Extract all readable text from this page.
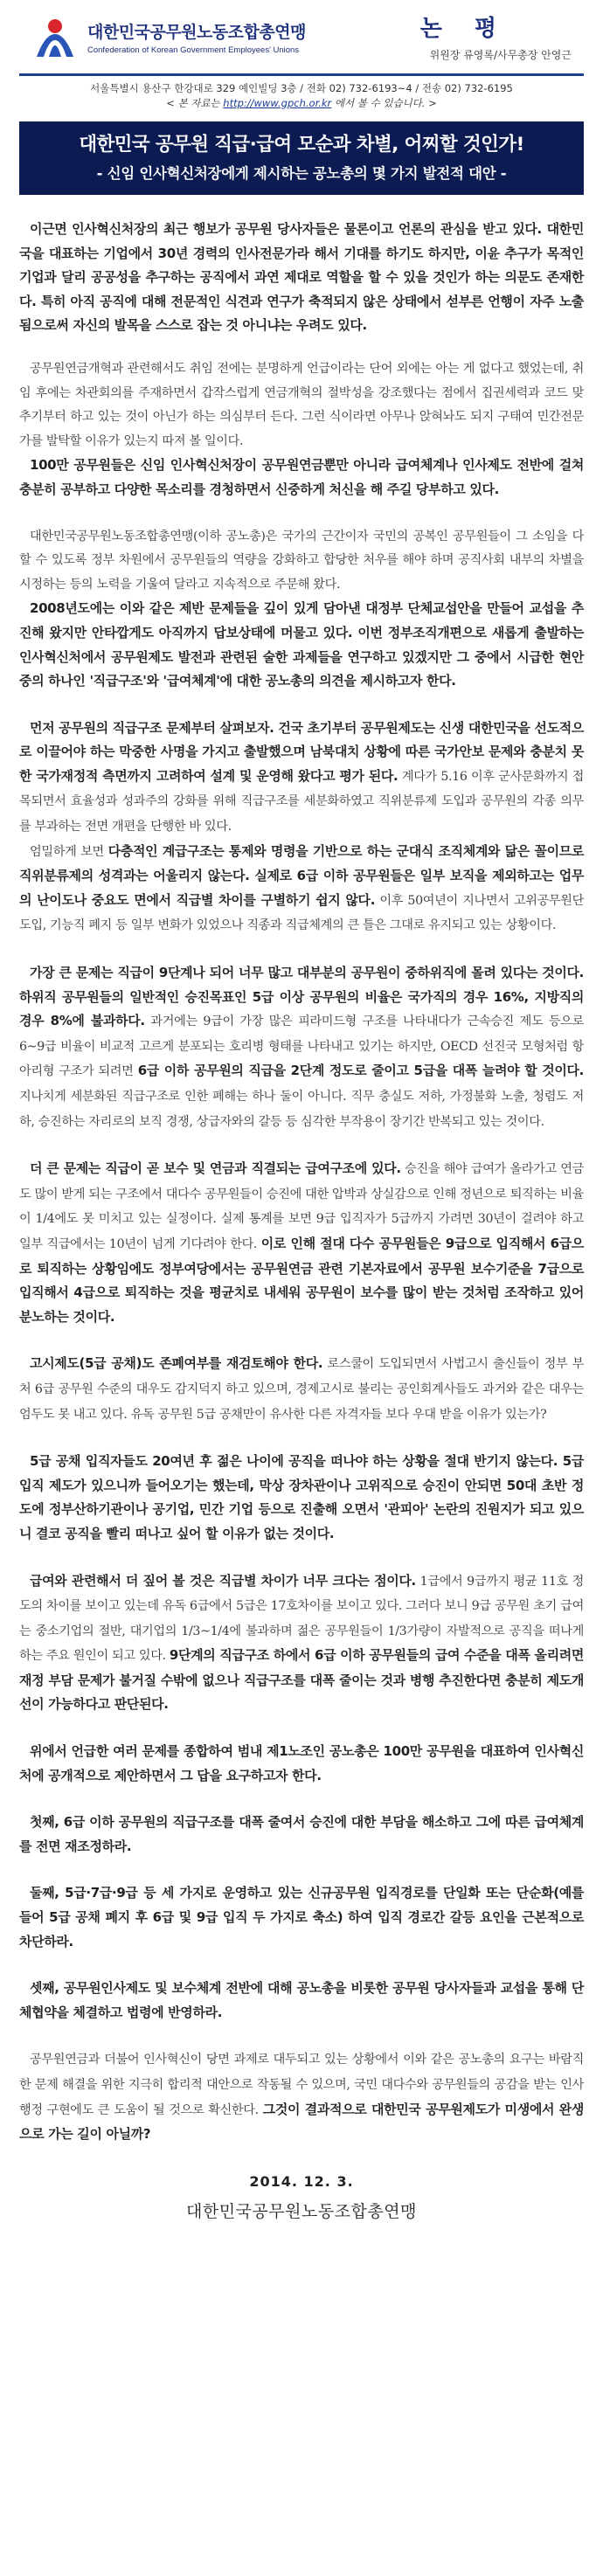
대한민국공무원노동조합총연맹
Confederation of Korean Government Employees' Unions
논 평
위원장 류영록/사무총장 안영근
서울특별시 용산구 한강대로 329 예인빌딩 3층 / 전화 02) 732-6193~4 / 전송 02) 732-6195
< 본 자료는 http://www.gpch.or.kr 에서 볼 수 있습니다. >
대한민국 공무원 직급·급여 모순과 차별, 어찌할 것인가!
- 신임 인사혁신처장에게 제시하는 공노총의 몇 가지 발전적 대안 -

이근면 인사혁신처장의 최근 행보가 공무원 당사자들은 물론이고 언론의 관심을 받고 있다. 대한민국을 대표하는 기업에서 30년 경력의 인사전문가라 해서 기대를 하기도 하지만, 이윤 추구가 목적인 기업과 달리 공공성을 추구하는 공직에서 과연 제대로 역할을 할 수 있을 것인가 하는 의문도 존재한다. 특히 아직 공직에 대해 전문적인 식견과 연구가 축적되지 않은 상태에서 섣부른 언행이 자주 노출됨으로써 자신의 발목을 스스로 잡는 것 아니냐는 우려도 있다.

공무원연금개혁과 관련해서도 취임 전에는 분명하게 언급이라는 단어 외에는 아는 게 없다고 했었는데, 취임 후에는 차관회의를 주재하면서 갑작스럽게 연금개혁의 절박성을 강조했다는 점에서 집권세력과 코드 맞추기부터 하고 있는 것이 아닌가 하는 의심부터 든다. 그런 식이라면 아무나 앉혀놔도 되지 구태여 민간전문가를 발탁할 이유가 있는지 따져 볼 일이다.

100만 공무원들은 신임 인사혁신처장이 공무원연금뿐만 아니라 급여체계나 인사제도 전반에 걸쳐 충분히 공부하고 다양한 목소리를 경청하면서 신중하게 처신을 해 주길 당부하고 있다.

대한민국공무원노동조합총연맹(이하 공노총)은 국가의 근간이자 국민의 공복인 공무원들이 그 소임을 다할 수 있도록 정부 차원에서 공무원들의 역량을 강화하고 합당한 처우를 해야 하며 공직사회 내부의 차별을 시정하는 등의 노력을 기울여 달라고 지속적으로 주문해 왔다.

2008년도에는 이와 같은 제반 문제들을 깊이 있게 담아낸 대정부 단체교섭안을 만들어 교섭을 추진해 왔지만 안타깝게도 아직까지 답보상태에 머물고 있다. 이번 정부조직개편으로 새롭게 출발하는 인사혁신처에서 공무원제도 발전과 관련된 술한 과제들을 연구하고 있겠지만 그 중에서 시급한 현안 중의 하나인 '직급구조'와 '급여체계'에 대한 공노총의 의견을 제시하고자 한다.

먼저 공무원의 직급구조 문제부터 살펴보자. 건국 초기부터 공무원제도는 신생 대한민국을 선도적으로 이끌어야 하는 막중한 사명을 가지고 출발했으며 남북대치 상황에 따른 국가안보 문제와 충분치 못한 국가재정적 측면까지 고려하여 설계 및 운영해 왔다고 평가 된다. 계다가 5.16 이후 군사문화까지 접목되면서 효율성과 성과주의 강화를 위해 직급구조를 세분화하였고 직위분류제 도입과 공무원의 각종 의무를 부과하는 전면 개편을 단행한 바 있다.

엄밀하게 보면 다층적인 계급구조는 통제와 명령을 기반으로 하는 군대식 조직체계와 닮은 꼴이므로 직위분류제의 성격과는 어울리지 않는다. 실제로 6급 이하 공무원들은 일부 보직을 제외하고는 업무의 난이도나 중요도 면에서 직급별 차이를 구별하기 쉽지 않다. 이후 50여년이 지나면서 고위공무원단 도입, 기능직 폐지 등 일부 변화가 있었으나 직종과 직급체계의 큰 틀은 그대로 유지되고 있는 상황이다.

가장 큰 문제는 직급이 9단계나 되어 너무 많고 대부분의 공무원이 중하위직에 몰려 있다는 것이다. 하위직 공무원들의 일반적인 승진목표인 5급 이상 공무원의 비율은 국가직의 경우 16%, 지방직의 경우 8%에 불과하다. 과거에는 9급이 가장 많은 피라미드형 구조를 나타내다가 근속승진 제도 등으로 6~9급 비율이 비교적 고르게 분포되는 호리병 형태를 나타내고 있기는 하지만, OECD 선진국 모형처럼 항아리형 구조가 되려면 6급 이하 공무원의 직급을 2단계 정도로 줄이고 5급을 대폭 늘려야 할 것이다. 지나치게 세분화된 직급구조로 인한 폐해는 하나 둘이 아니다. 직무 충실도 저하, 가정불화 노출, 청렴도 저하, 승진하는 자리로의 보직 경쟁, 상급자와의 갈등 등 심각한 부작용이 장기간 반복되고 있는 것이다.

더 큰 문제는 직급이 곧 보수 및 연금과 직결되는 급여구조에 있다. 승진을 해야 급여가 올라가고 연금도 많이 받게 되는 구조에서 대다수 공무원들이 승진에 대한 압박과 상실감으로 인해 정년으로 퇴직하는 비율이 1/4에도 못 미치고 있는 실정이다. 실제 통계를 보면 9급 입직자가 5급까지 가려면 30년이 걸려야 하고 일부 직급에서는 10년이 넘게 기다려야 한다. 이로 인해 절대 다수 공무원들은 9급으로 입직해서 6급으로 퇴직하는 상황임에도 정부여당에서는 공무원연금 관련 기본자료에서 공무원 보수기준을 7급으로 입직해서 4급으로 퇴직하는 것을 평균치로 내세워 공무원이 보수를 많이 받는 것처럼 조작하고 있어 분노하는 것이다.

고시제도(5급 공채)도 존폐여부를 재검토해야 한다. 로스쿨이 도입되면서 사법고시 출신들이 정부 부처 6급 공무원 수준의 대우도 감지덕지 하고 있으며, 경제고시로 불리는 공인회계사들도 과거와 같은 대우는 엄두도 못 내고 있다. 유독 공무원 5급 공채만이 유사한 다른 자격자들 보다 우대 받을 이유가 있는가?

5급 공채 입직자들도 20여년 후 젊은 나이에 공직을 떠나야 하는 상황을 절대 반기지 않는다. 5급 입직 제도가 있으니까 들어오기는 했는데, 막상 장차관이나 고위직으로 승진이 안되면 50대 초반 정도에 정부산하기관이나 공기업, 민간 기업 등으로 진출해 오면서 '관피아' 논란의 진원지가 되고 있으니 결코 공직을 빨리 떠나고 싶어 할 이유가 없는 것이다.

급여와 관련해서 더 짚어 볼 것은 직급별 차이가 너무 크다는 점이다. 1급에서 9급까지 평균 11호 정도의 차이를 보이고 있는데 유독 6급에서 5급은 17호차이를 보이고 있다. 그러다 보니 9급 공무원 초기 급여는 중소기업의 절반, 대기업의 1/3~1/4에 불과하며 젊은 공무원들이 1/3가량이 자발적으로 공직을 떠나게 하는 주요 원인이 되고 있다. 9단계의 직급구조 하에서 6급 이하 공무원들의 급여 수준을 대폭 올리려면 재정 부담 문제가 불거질 수밖에 없으나 직급구조를 대폭 줄이는 것과 병행 추진한다면 충분히 제도개선이 가능하다고 판단된다.

위에서 언급한 여러 문제를 종합하여 범내 제1노조인 공노총은 100만 공무원을 대표하여 인사혁신처에 공개적으로 제안하면서 그 답을 요구하고자 한다.

첫째, 6급 이하 공무원의 직급구조를 대폭 줄여서 승진에 대한 부담을 해소하고 그에 따른 급여체계를 전면 재조정하라.

둘째, 5급·7급·9급 등 세 가지로 운영하고 있는 신규공무원 입직경로를 단일화 또는 단순화(예를 들어 5급 공채 폐지 후 6급 및 9급 입직 두 가지로 축소) 하여 입직 경로간 갈등 요인을 근본적으로 차단하라.

셋째, 공무원인사제도 및 보수체계 전반에 대해 공노총을 비롯한 공무원 당사자들과 교섭을 통해 단체협약을 체결하고 법령에 반영하라.

공무원연금과 더불어 인사혁신이 당면 과제로 대두되고 있는 상황에서 이와 같은 공노총의 요구는 바람직한 문제 해결을 위한 지극히 합리적 대안으로 작동될 수 있으며, 국민 대다수와 공무원들의 공감을 받는 인사행정 구현에도 큰 도움이 될 것으로 확신한다. 그것이 결과적으로 대한민국 공무원제도가 미생에서 완생으로 가는 길이 아닐까?

2014. 12. 3.
대한민국공무원노동조합총연맹
